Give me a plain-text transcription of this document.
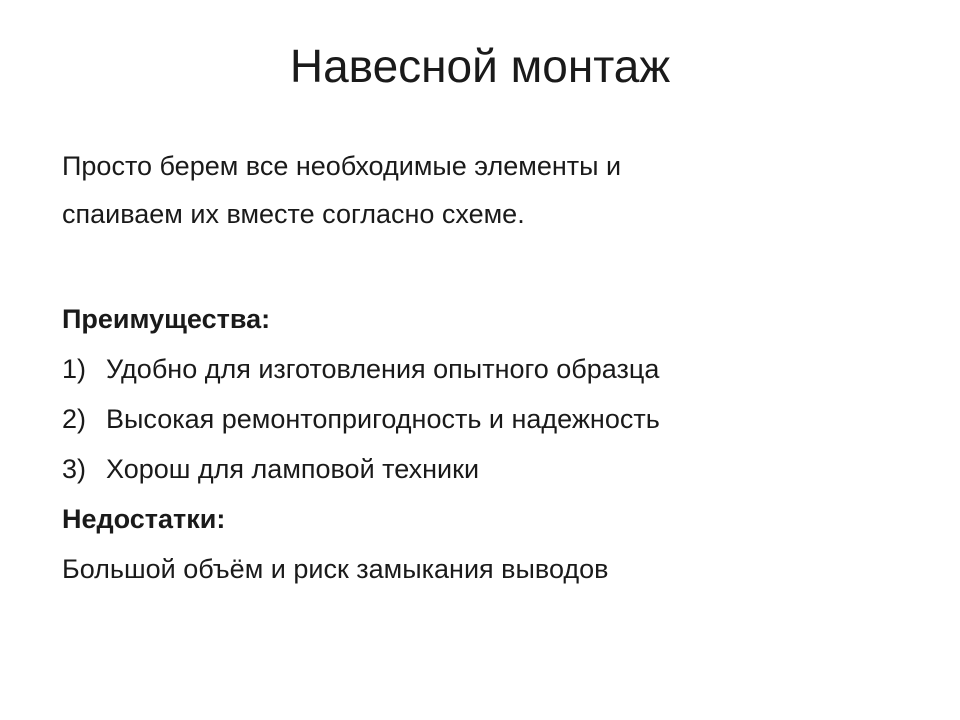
Навесной монтаж
Просто берем все необходимые элементы и
спаиваем их вместе согласно схеме.
Преимущества:
1) Удобно для изготовления опытного образца
2) Высокая ремонтопригодность и надежность
3) Хорош для ламповой техники
Недостатки:
Большой объём и риск замыкания выводов
